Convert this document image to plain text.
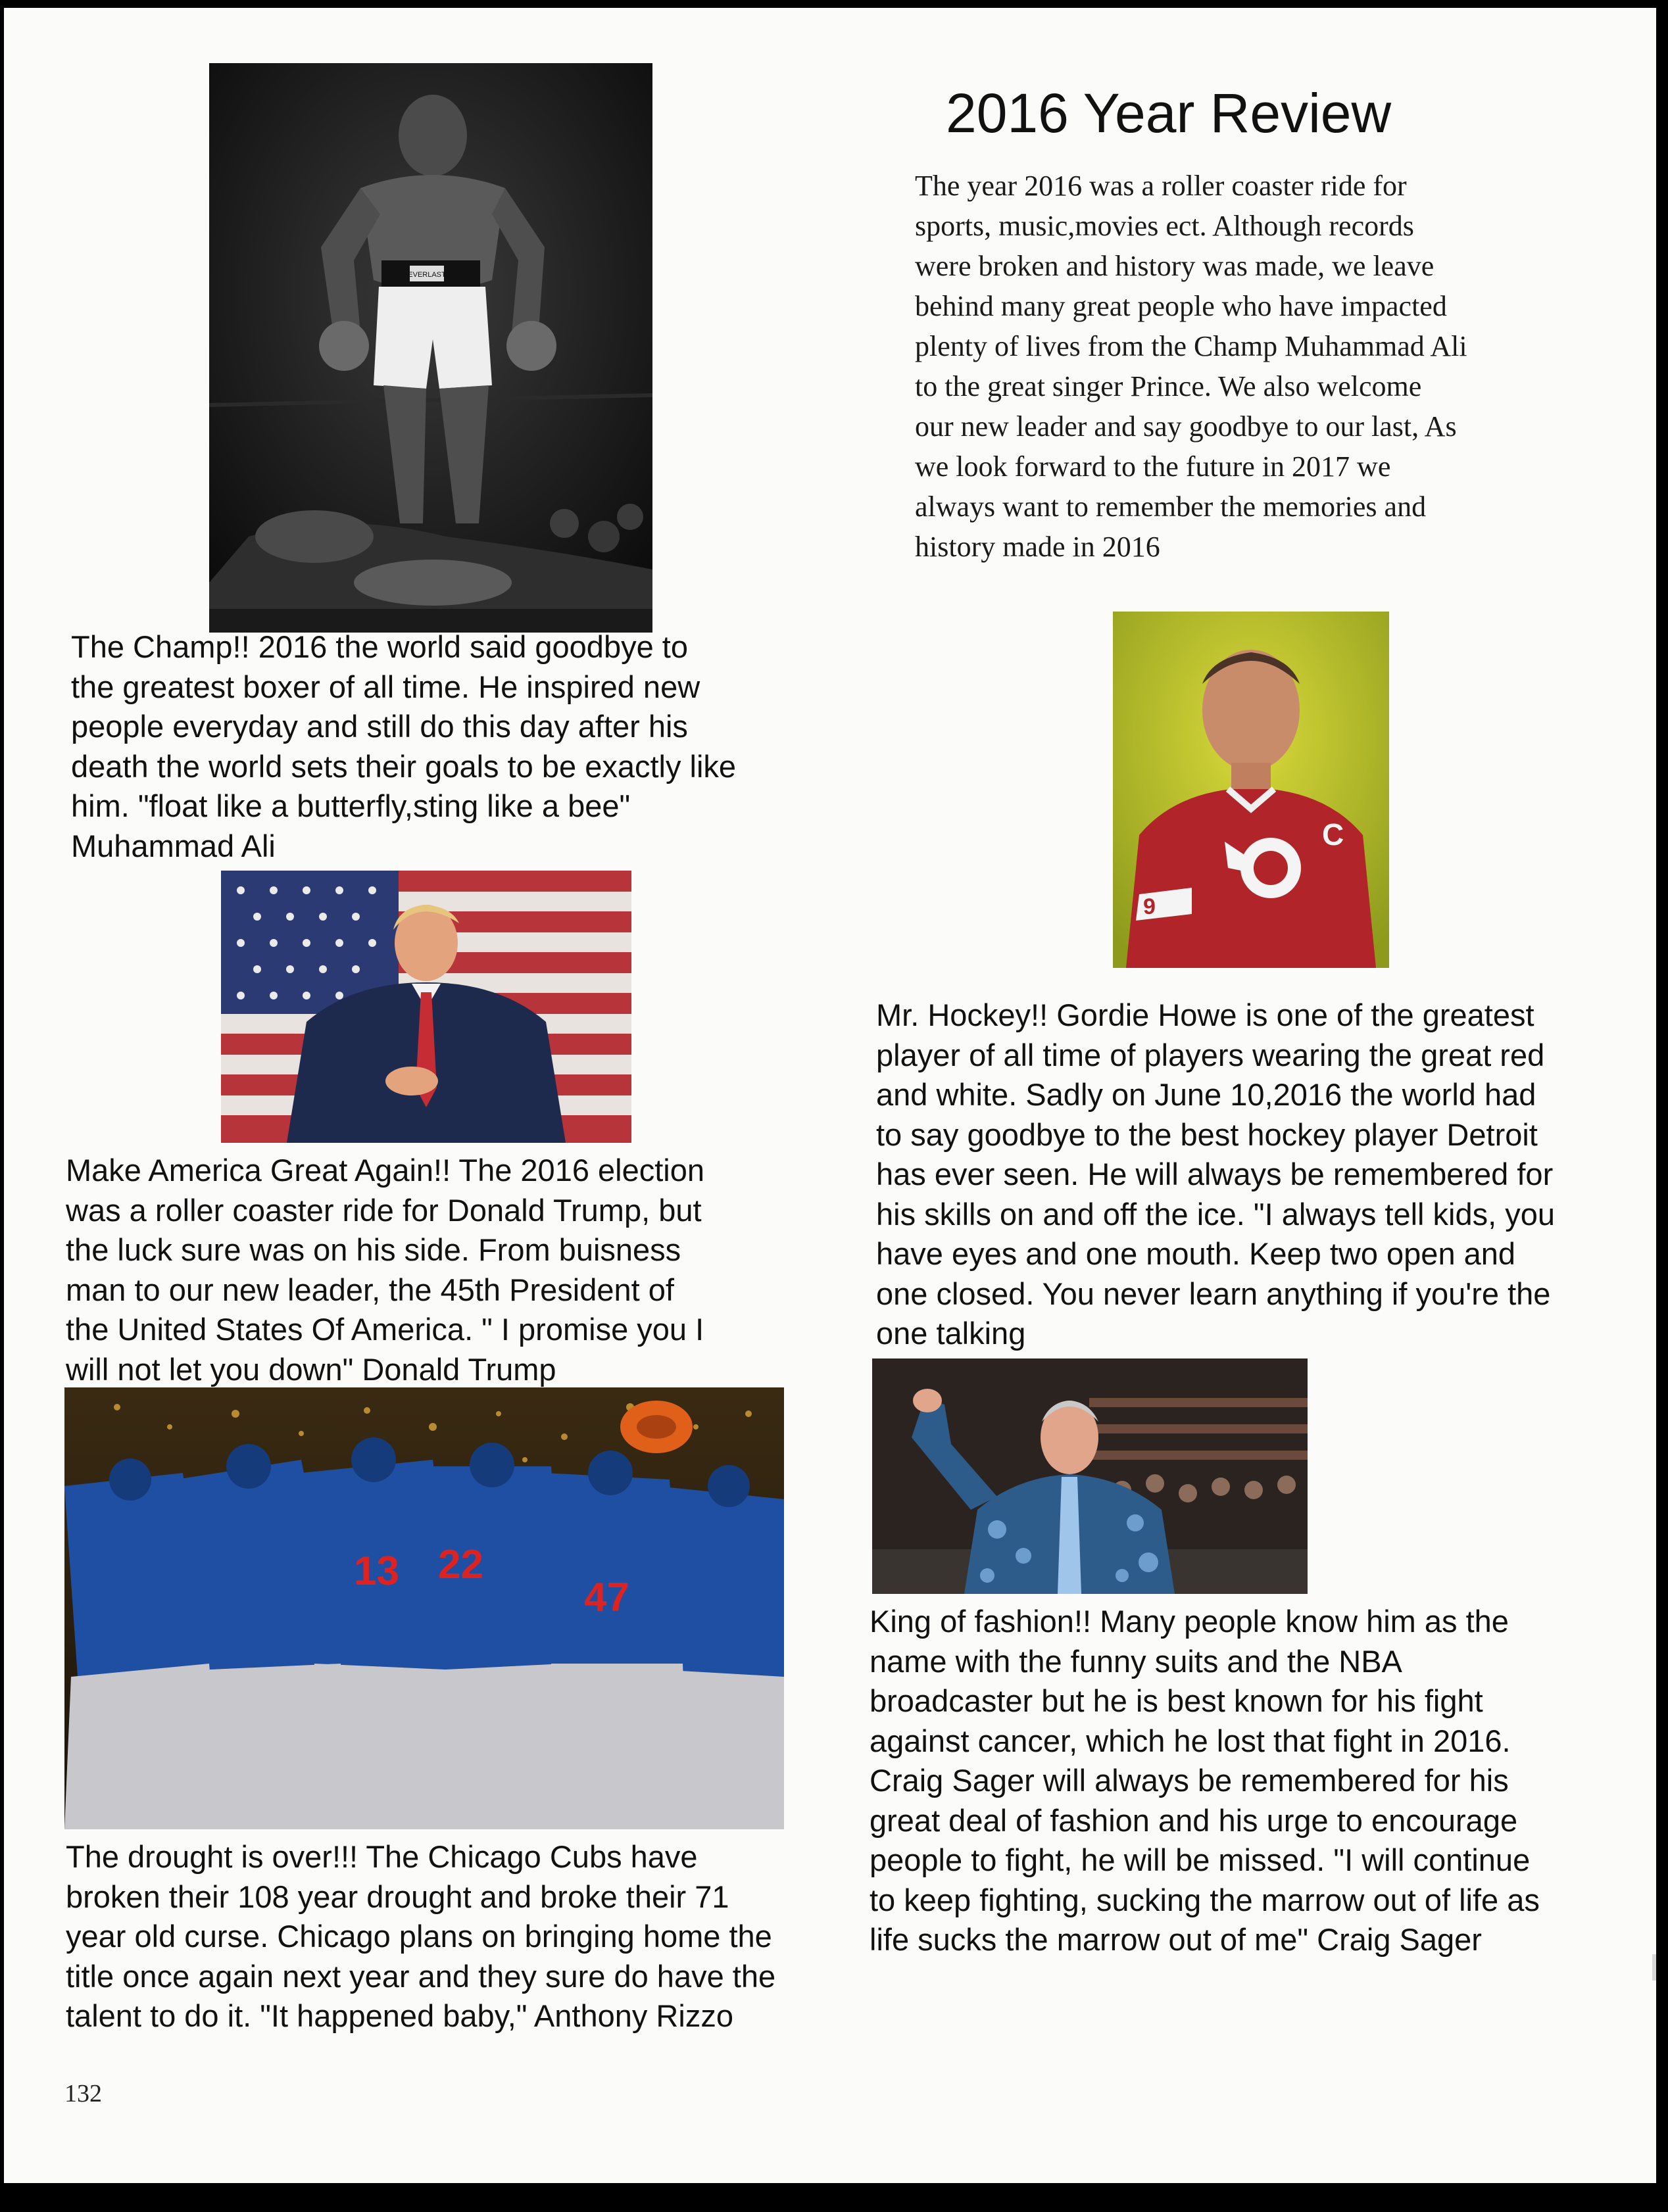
EVERLAST
The Champ!! 2016 the world said goodbye to
the greatest boxer of all time. He inspired new
people everyday and still do this day after his
death the world sets their goals to be exactly like
him. "float like a butterfly,sting like a bee"
Muhammad Ali
2016 Year Review
The year 2016 was a roller coaster ride for
sports, music,movies ect. Although records
were broken and history was made, we leave
behind many great people who have impacted
plenty of lives from the Champ Muhammad Ali
to the great singer Prince. We also welcome
our new leader and say goodbye to our last, As
we look forward to the future in 2017 we
always want to remember the memories and
history made in 2016
C
9
Mr. Hockey!! Gordie Howe is one of the greatest
player of all time of players wearing the great red
and white. Sadly on June 10,2016 the world had
to say goodbye to the best hockey player Detroit
has ever seen. He will always be remembered for
his skills on and off the ice. "I always tell kids, you
have eyes and one mouth. Keep two open and
one closed. You never learn anything if you're the
one talking
Make America Great Again!! The 2016 election
was a roller coaster ride for Donald Trump, but
the luck sure was on his side. From buisness
man to our new leader, the 45th President of
the United States Of America. " I promise you I
will not let you down" Donald Trump
13 22
47
King of fashion!! Many people know him as the
name with the funny suits and the NBA
broadcaster but he is best known for his fight
against cancer, which he lost that fight in 2016.
Craig Sager will always be remembered for his
great deal of fashion and his urge to encourage
people to fight, he will be missed. "I will continue
to keep fighting, sucking the marrow out of life as
life sucks the marrow out of me" Craig Sager
The drought is over!!! The Chicago Cubs have
broken their 108 year drought and broke their 71
year old curse. Chicago plans on bringing home the
title once again next year and they sure do have the
talent to do it. "It happened baby," Anthony Rizzo
132
